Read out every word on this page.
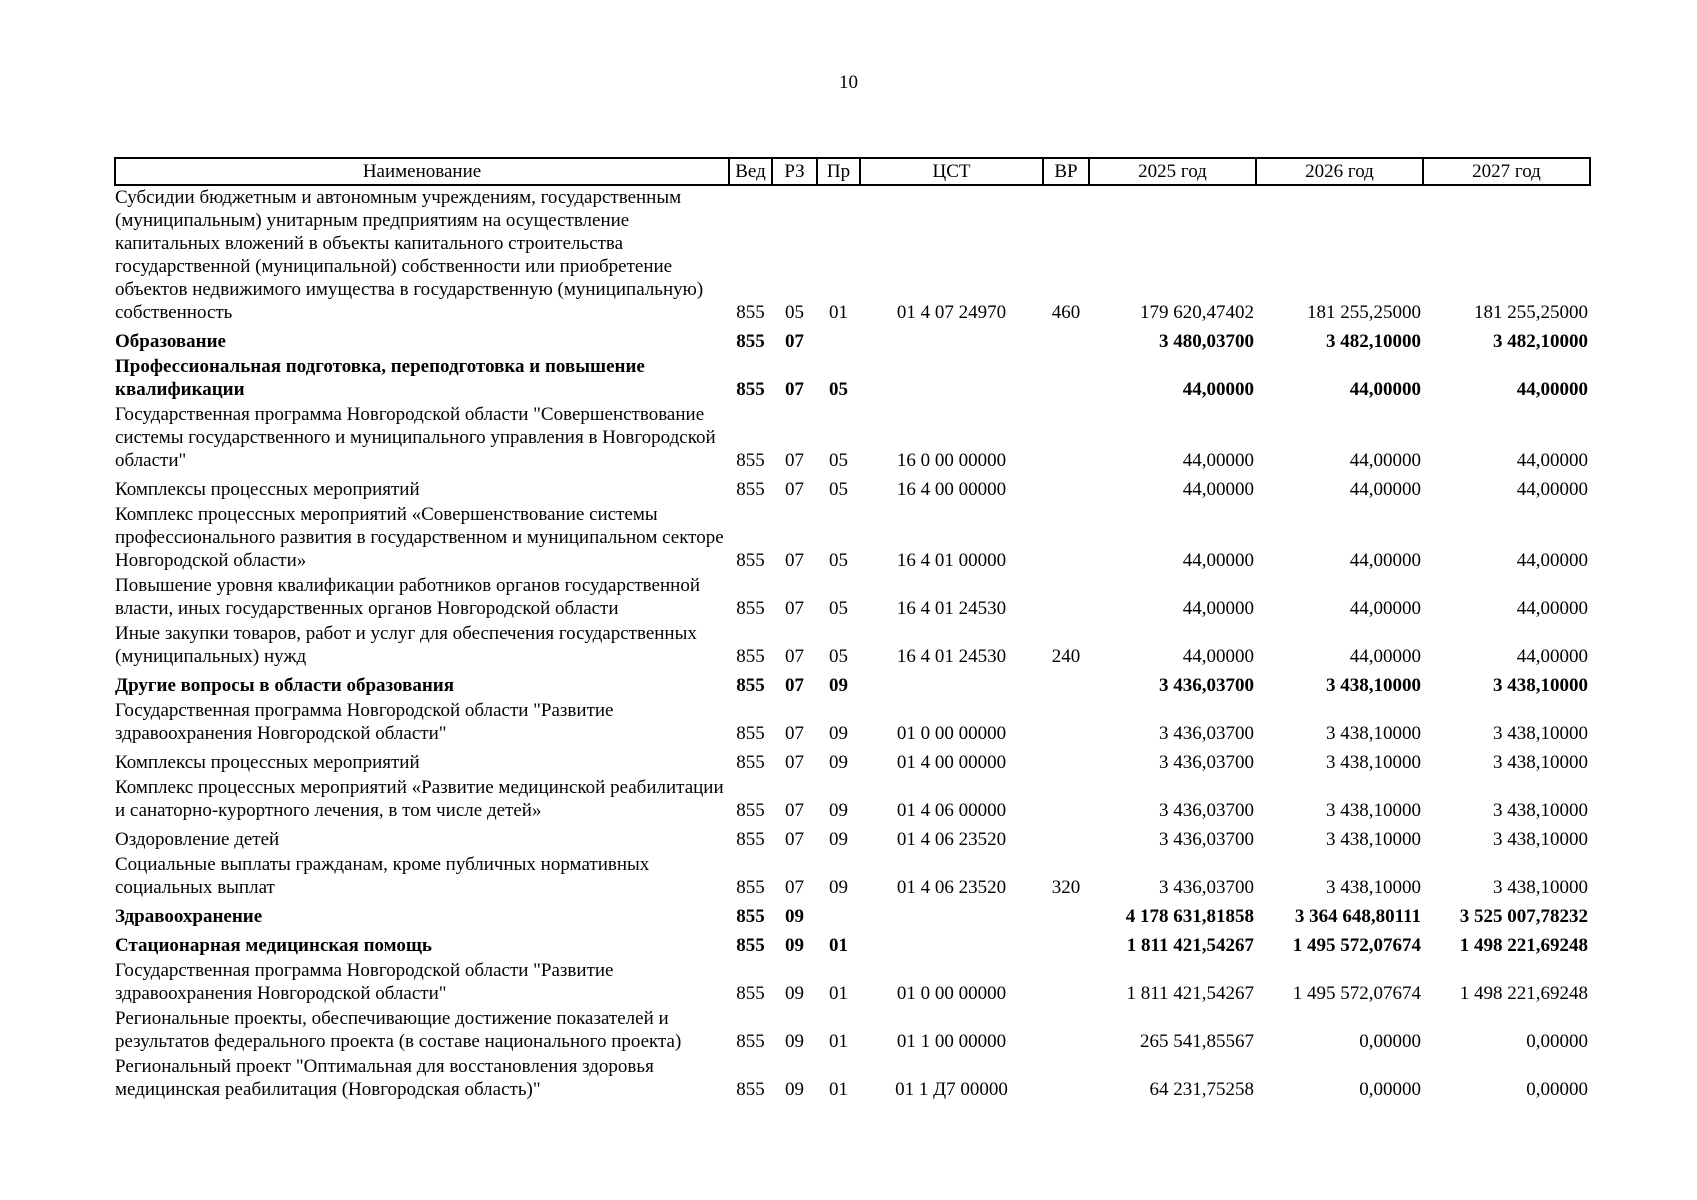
10
Наименование	Вед	РЗ	Пр	ЦСТ	ВР	2025 год	2026 год	2027 год
Субсидии бюджетным и автономным учреждениям, государственным (муниципальным) унитарным предприятиям на осуществление капитальных вложений в объекты капитального строительства государственной (муниципальной) собственности или приобретение объектов недвижимого имущества в государственную (муниципальную) собственность	855	05	01	01 4 07 24970	460	179 620,47402	181 255,25000	181 255,25000
Образование	855	07				3 480,03700	3 482,10000	3 482,10000
Профессиональная подготовка, переподготовка и повышение квалификации	855	07	05			44,00000	44,00000	44,00000
Государственная программа Новгородской области "Совершенствование системы государственного и муниципального управления в Новгородской области"	855	07	05	16 0 00 00000		44,00000	44,00000	44,00000
Комплексы процессных мероприятий	855	07	05	16 4 00 00000		44,00000	44,00000	44,00000
Комплекс процессных мероприятий «Совершенствование системы профессионального развития в государственном и муниципальном секторе Новгородской области»	855	07	05	16 4 01 00000		44,00000	44,00000	44,00000
Повышение уровня квалификации работников органов государственной власти, иных государственных органов Новгородской области	855	07	05	16 4 01 24530		44,00000	44,00000	44,00000
Иные закупки товаров, работ и услуг для обеспечения государственных (муниципальных) нужд	855	07	05	16 4 01 24530	240	44,00000	44,00000	44,00000
Другие вопросы в области образования	855	07	09			3 436,03700	3 438,10000	3 438,10000
Государственная программа Новгородской области "Развитие здравоохранения Новгородской области"	855	07	09	01 0 00 00000		3 436,03700	3 438,10000	3 438,10000
Комплексы процессных мероприятий	855	07	09	01 4 00 00000		3 436,03700	3 438,10000	3 438,10000
Комплекс процессных мероприятий «Развитие медицинской реабилитации и санаторно-курортного лечения, в том числе детей»	855	07	09	01 4 06 00000		3 436,03700	3 438,10000	3 438,10000
Оздоровление детей	855	07	09	01 4 06 23520		3 436,03700	3 438,10000	3 438,10000
Социальные выплаты гражданам, кроме публичных нормативных социальных выплат	855	07	09	01 4 06 23520	320	3 436,03700	3 438,10000	3 438,10000
Здравоохранение	855	09				4 178 631,81858	3 364 648,80111	3 525 007,78232
Стационарная медицинская помощь	855	09	01			1 811 421,54267	1 495 572,07674	1 498 221,69248
Государственная программа Новгородской области "Развитие здравоохранения Новгородской области"	855	09	01	01 0 00 00000		1 811 421,54267	1 495 572,07674	1 498 221,69248
Региональные проекты, обеспечивающие достижение показателей и результатов федерального проекта (в составе национального проекта)	855	09	01	01 1 00 00000		265 541,85567	0,00000	0,00000
Региональный проект "Оптимальная для восстановления здоровья медицинская реабилитация (Новгородская область)"	855	09	01	01 1 Д7 00000		64 231,75258	0,00000	0,00000
